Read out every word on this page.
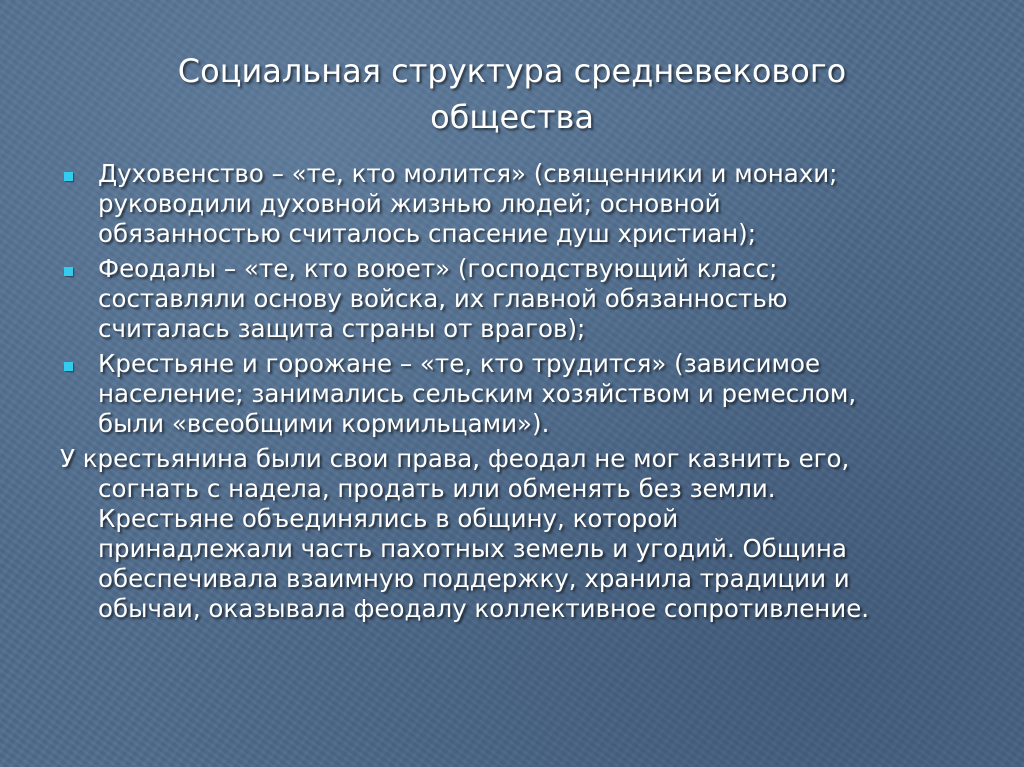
Социальная структура средневекового
общества
Духовенство – «те, кто молится» (священники и монахи;
руководили духовной жизнью людей; основной
обязанностью считалось спасение душ христиан);
Феодалы – «те, кто воюет» (господствующий класс;
составляли основу войска, их главной обязанностью
считалась защита страны от врагов);
Крестьяне и горожане – «те, кто трудится» (зависимое
население; занимались сельским хозяйством и ремеслом,
были «всеобщими кормильцами»).
У крестьянина были свои права, феодал не мог казнить его,
согнать с надела, продать или обменять без земли.
Крестьяне объединялись в общину, которой
принадлежали часть пахотных земель и угодий. Община
обеспечивала взаимную поддержку, хранила традиции и
обычаи, оказывала феодалу коллективное сопротивление.
